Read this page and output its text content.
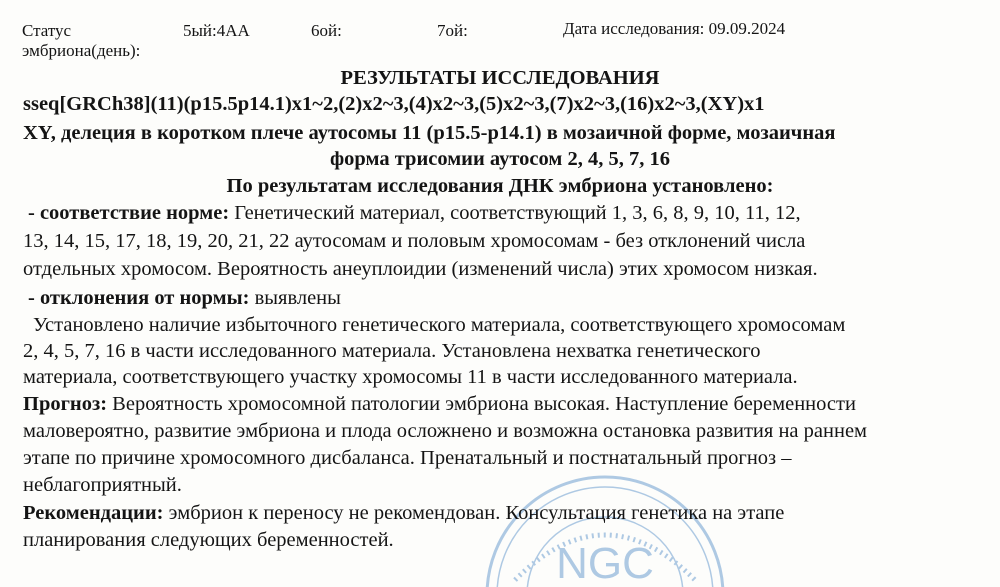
Статус
эмбриона(день):
5ый:4АА	6ой:	7ой:	Дата исследования: 09.09.2024
РЕЗУЛЬТАТЫ ИССЛЕДОВАНИЯ
sseq[GRCh38](11)(p15.5p14.1)x1~2,(2)x2~3,(4)x2~3,(5)x2~3,(7)x2~3,(16)x2~3,(XY)x1
XY, делеция в коротком плече аутосомы 11 (p15.5-p14.1) в мозаичной форме, мозаичная
форма трисомии аутосом 2, 4, 5, 7, 16
По результатам исследования ДНК эмбриона установлено:
- соответствие норме: Генетический материал, соответствующий 1, 3, 6, 8, 9, 10, 11, 12,
13, 14, 15, 17, 18, 19, 20, 21, 22 аутосомам и половым хромосомам - без отклонений числа
отдельных хромосом. Вероятность анеуплоидии (изменений числа) этих хромосом низкая.
- отклонения от нормы: выявлены
Установлено наличие избыточного генетического материала, соответствующего хромосомам
2, 4, 5, 7, 16 в части исследованного материала. Установлена нехватка генетического
материала, соответствующего участку хромосомы 11 в части исследованного материала.
Прогноз: Вероятность хромосомной патологии эмбриона высокая. Наступление беременности
маловероятно, развитие эмбриона и плода осложнено и возможна остановка развития на раннем
этапе по причине хромосомного дисбаланса. Пренатальный и постнатальный прогноз –
неблагоприятный.
NGC
Рекомендации: эмбрион к переносу не рекомендован. Консультация генетика на этапе
планирования следующих беременностей.
